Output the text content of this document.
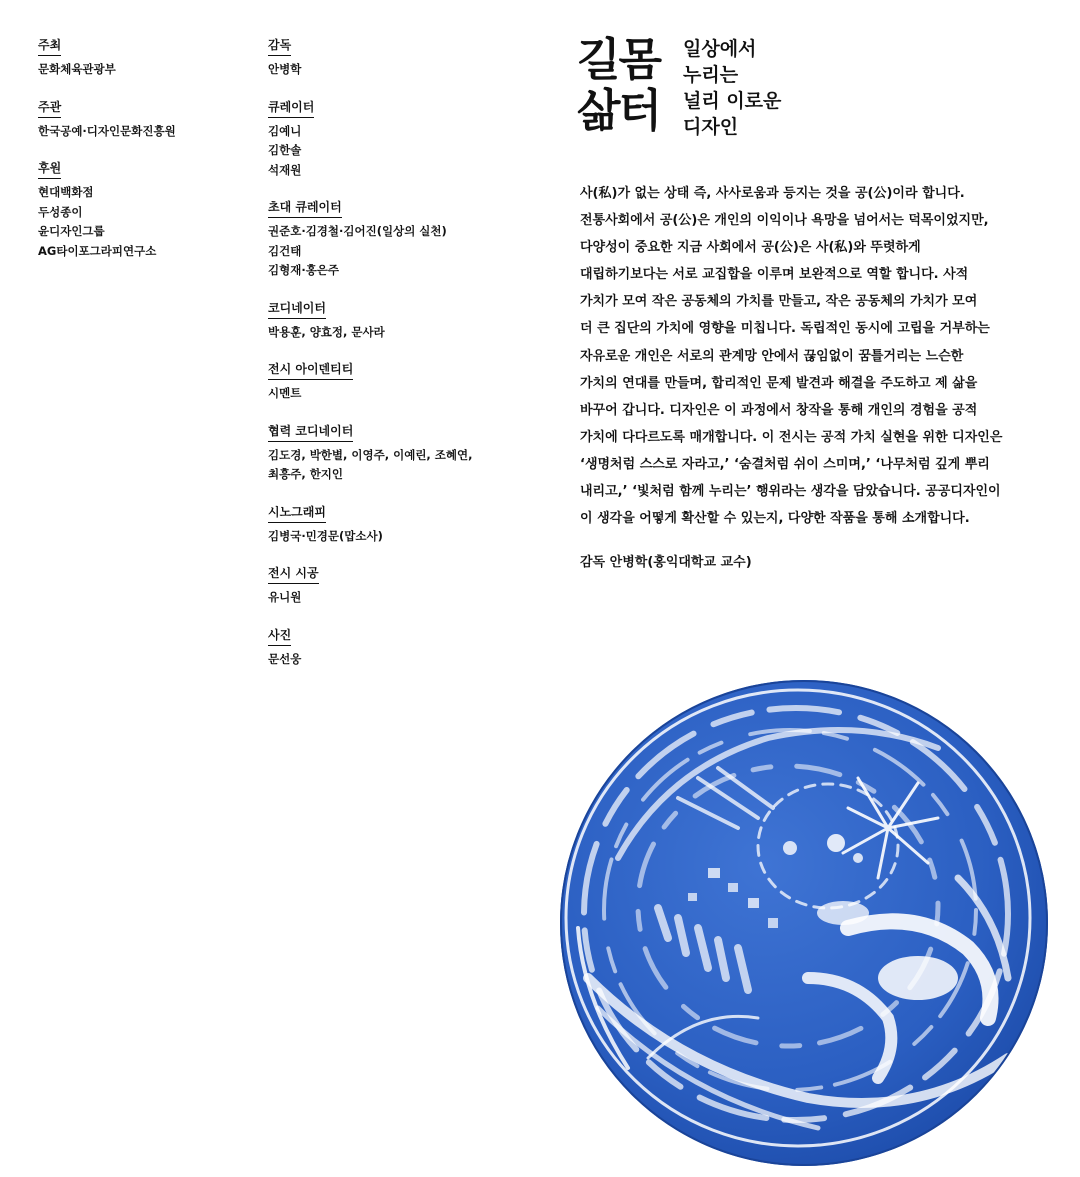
주최
문화체육관광부
주관
한국공예·디자인문화진흥원
후원
현대백화점
두성종이
윤디자인그룹
AG타이포그라피연구소
감독
안병학
큐레이터
김예니
김한솔
석재원
초대 큐레이터
권준호·김경철·김어진(일상의 실천)
김건태
김형재·홍은주
코디네이터
박용훈, 양효정, 문사라
전시 아이덴티티
시멘트
협력 코디네이터
김도경, 박한별, 이영주, 이예린, 조혜연,
최흥주, 한지인
시노그래피
김병국·민경문(맙소사)
전시 시공
유니원
사진
문선웅
길몸
삶터
일상에서
누리는
널리 이로운
디자인
사(私)가 없는 상태 즉, 사사로움과 등지는 것을 공(公)이라 합니다.
전통사회에서 공(公)은 개인의 이익이나 욕망을 넘어서는 덕목이었지만,
다양성이 중요한 지금 사회에서 공(公)은 사(私)와 뚜렷하게
대립하기보다는 서로 교집합을 이루며 보완적으로 역할 합니다. 사적
가치가 모여 작은 공동체의 가치를 만들고, 작은 공동체의 가치가 모여
더 큰 집단의 가치에 영향을 미칩니다. 독립적인 동시에 고립을 거부하는
자유로운 개인은 서로의 관계망 안에서 끊임없이 꿈틀거리는 느슨한
가치의 연대를 만들며, 합리적인 문제 발견과 해결을 주도하고 제 삶을
바꾸어 갑니다. 디자인은 이 과정에서 창작을 통해 개인의 경험을 공적
가치에 다다르도록 매개합니다. 이 전시는 공적 가치 실현을 위한 디자인은
‘생명처럼 스스로 자라고,’ ‘숨결처럼 쉬이 스미며,’ ‘나무처럼 깊게 뿌리
내리고,’ ‘빛처럼 함께 누리는’ 행위라는 생각을 담았습니다. 공공디자인이
이 생각을 어떻게 확산할 수 있는지, 다양한 작품을 통해 소개합니다.
감독 안병학(홍익대학교 교수)
